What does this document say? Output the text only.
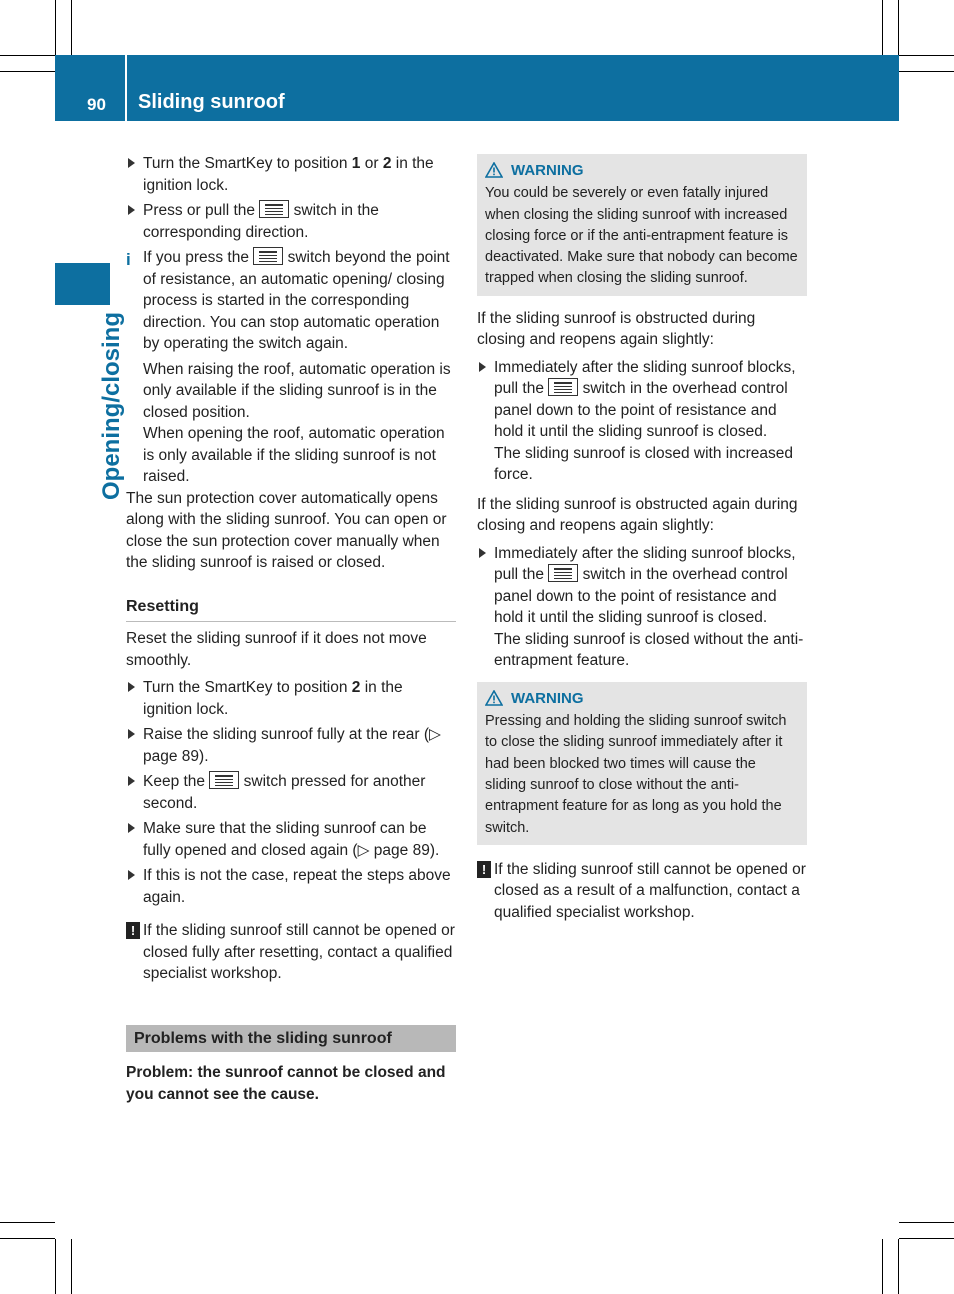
90 Sliding sunroof
Opening/closing
Turn the SmartKey to position 1 or 2 in the ignition lock.
Press or pull the
switch in the corresponding direction.
i If you press the
switch beyond the point of resistance, an automatic opening/ closing process is started in the corresponding direction. You can stop automatic operation by operating the switch again.

When raising the roof, automatic operation is only available if the sliding sunroof is in the closed position.

When opening the roof, automatic operation is only available if the sliding sunroof is not raised.

The sun protection cover automatically opens along with the sliding sunroof. You can open or close the sun protection cover manually when the sliding sunroof is raised or closed.

Resetting

Reset the sliding sunroof if it does not move smoothly.

Turn the SmartKey to position 2 in the ignition lock.
Raise the sliding sunroof fully at the rear (▷ page 89).
Keep the
switch pressed for another second.
Make sure that the sliding sunroof can be fully opened and closed again (▷ page 89).
If this is not the case, repeat the steps above again.
! If the sliding sunroof still cannot be opened or closed fully after resetting, contact a qualified specialist workshop.
Problems with the sliding sunroof

Problem: the sunroof cannot be closed and you cannot see the cause.

WARNING

You could be severely or even fatally injured when closing the sliding sunroof with increased closing force or if the anti-entrapment feature is deactivated. Make sure that nobody can become trapped when closing the sliding sunroof.

If the sliding sunroof is obstructed during closing and reopens again slightly:

Immediately after the sliding sunroof blocks, pull the
switch in the overhead control panel down to the point of resistance and hold it until the sliding sunroof is closed.
The sliding sunroof is closed with increased force.

If the sliding sunroof is obstructed again during closing and reopens again slightly:

Immediately after the sliding sunroof blocks, pull the
switch in the overhead control panel down to the point of resistance and hold it until the sliding sunroof is closed.
The sliding sunroof is closed without the anti-entrapment feature.
WARNING

Pressing and holding the sliding sunroof switch to close the sliding sunroof immediately after it had been blocked two times will cause the sliding sunroof to close without the anti-entrapment feature for as long as you hold the switch.

! If the sliding sunroof still cannot be opened or closed as a result of a malfunction, contact a qualified specialist workshop.
